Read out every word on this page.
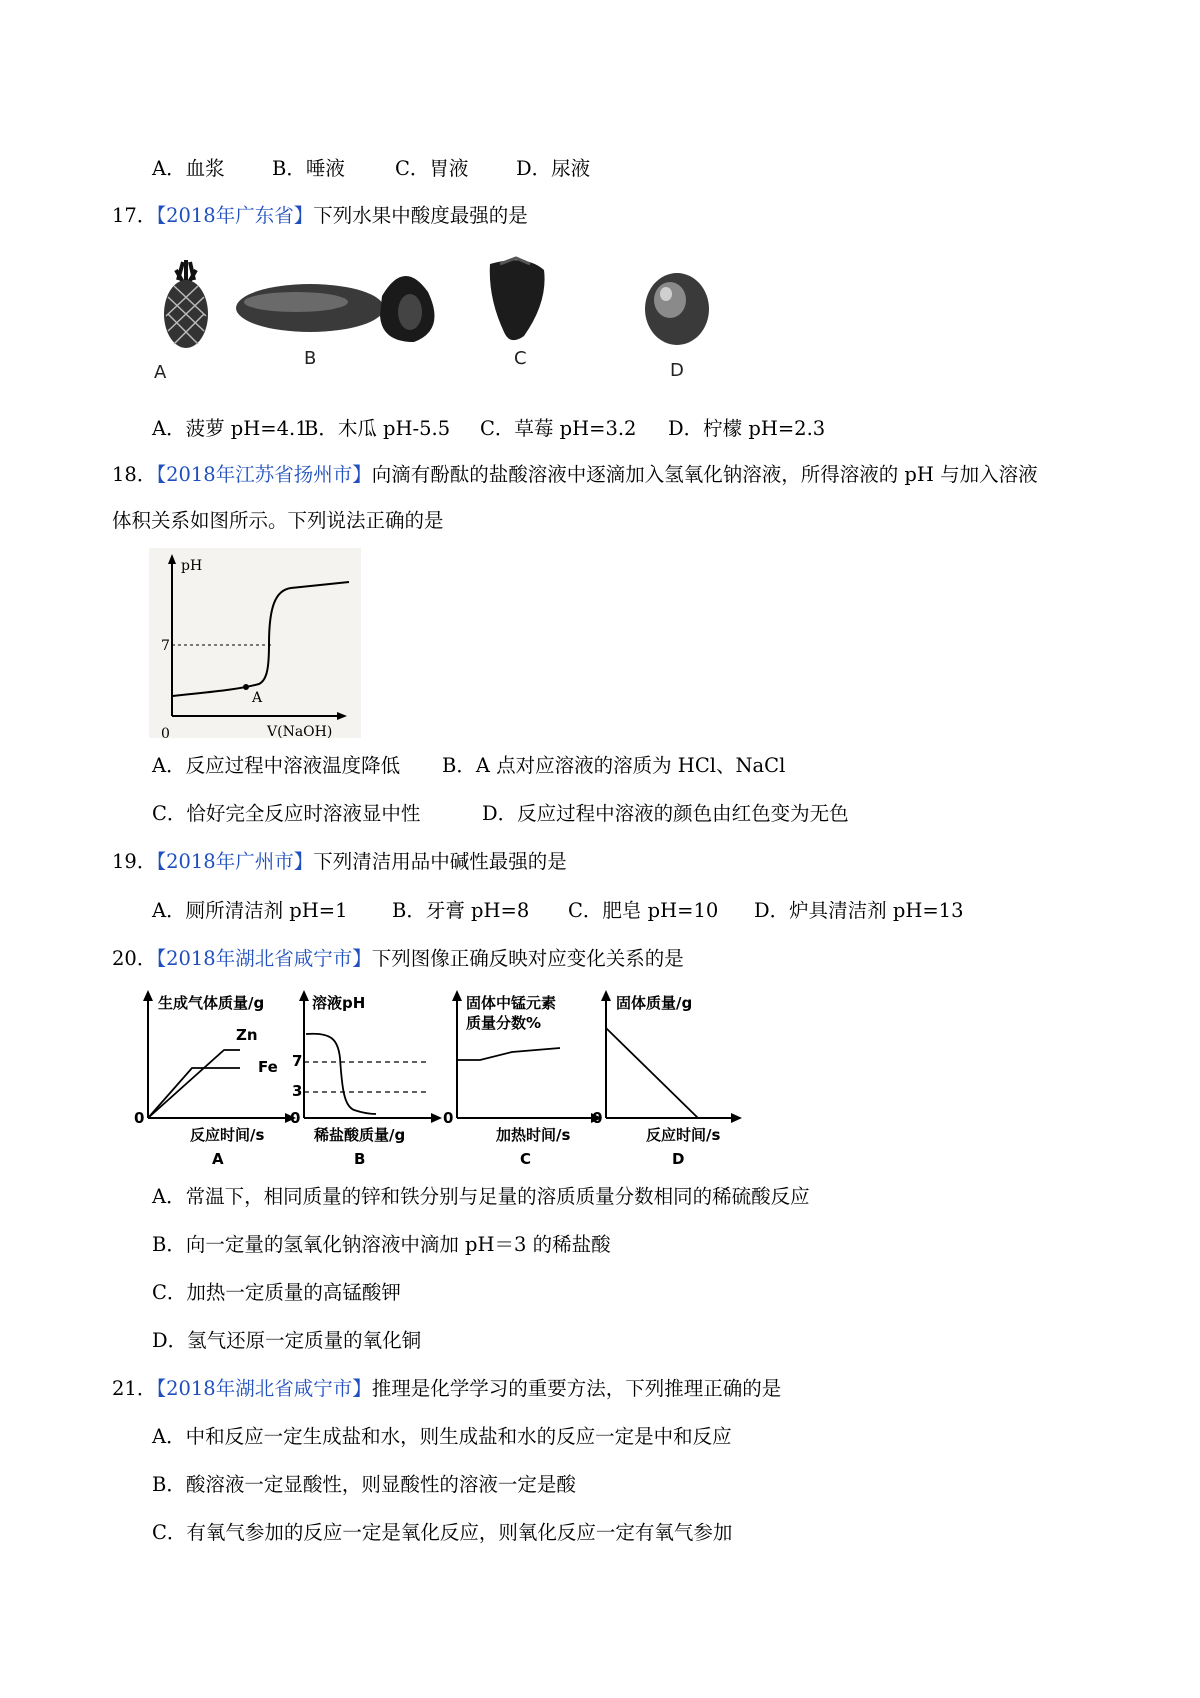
A．血浆 B．唾液	C．胃液 D．尿液
17．【2018年广东省】下列水果中酸度最强的是
A
B	C
D
A．菠萝 pH=4.1B．木瓜 pH-5.5 C．草莓 pH=3.2 D．柠檬 pH=2.3
18．【2018年江苏省扬州市】向滴有酚酞的盐酸溶液中逐滴加入氢氧化钠溶液，所得溶液的 pH 与加入溶液
体积关系如图所示。下列说法正确的是
pH
0	V(NaOH)
7
A
A．反应过程中溶液温度降低 B．A 点对应溶液的溶质为 HCl、NaCl
C．恰好完全反应时溶液显中性	D．反应过程中溶液的颜色由红色变为无色
19．【2018年广州市】下列清洁用品中碱性最强的是
A．厕所清洁剂 pH=1 B．牙膏 pH=8 C．肥皂 pH=10 D．炉具清洁剂 pH=13
20．【2018年湖北省咸宁市】下列图像正确反映对应变化关系的是
生成气体质量/g
0
反应时间/s
A
Zn
Fe
溶液pH
0
7
3
稀盐酸质量/g
B
固体中锰元素
质量分数%
0
加热时间/s
C
固体质量/g
0
反应时间/s
D
A．常温下，相同质量的锌和铁分别与足量的溶质质量分数相同的稀硫酸反应
B．向一定量的氢氧化钠溶液中滴加 pH＝3 的稀盐酸
C．加热一定质量的高锰酸钾
D．氢气还原一定质量的氧化铜
21．【2018年湖北省咸宁市】推理是化学学习的重要方法，下列推理正确的是
A．中和反应一定生成盐和水，则生成盐和水的反应一定是中和反应
B．酸溶液一定显酸性，则显酸性的溶液一定是酸
C．有氧气参加的反应一定是氧化反应，则氧化反应一定有氧气参加
